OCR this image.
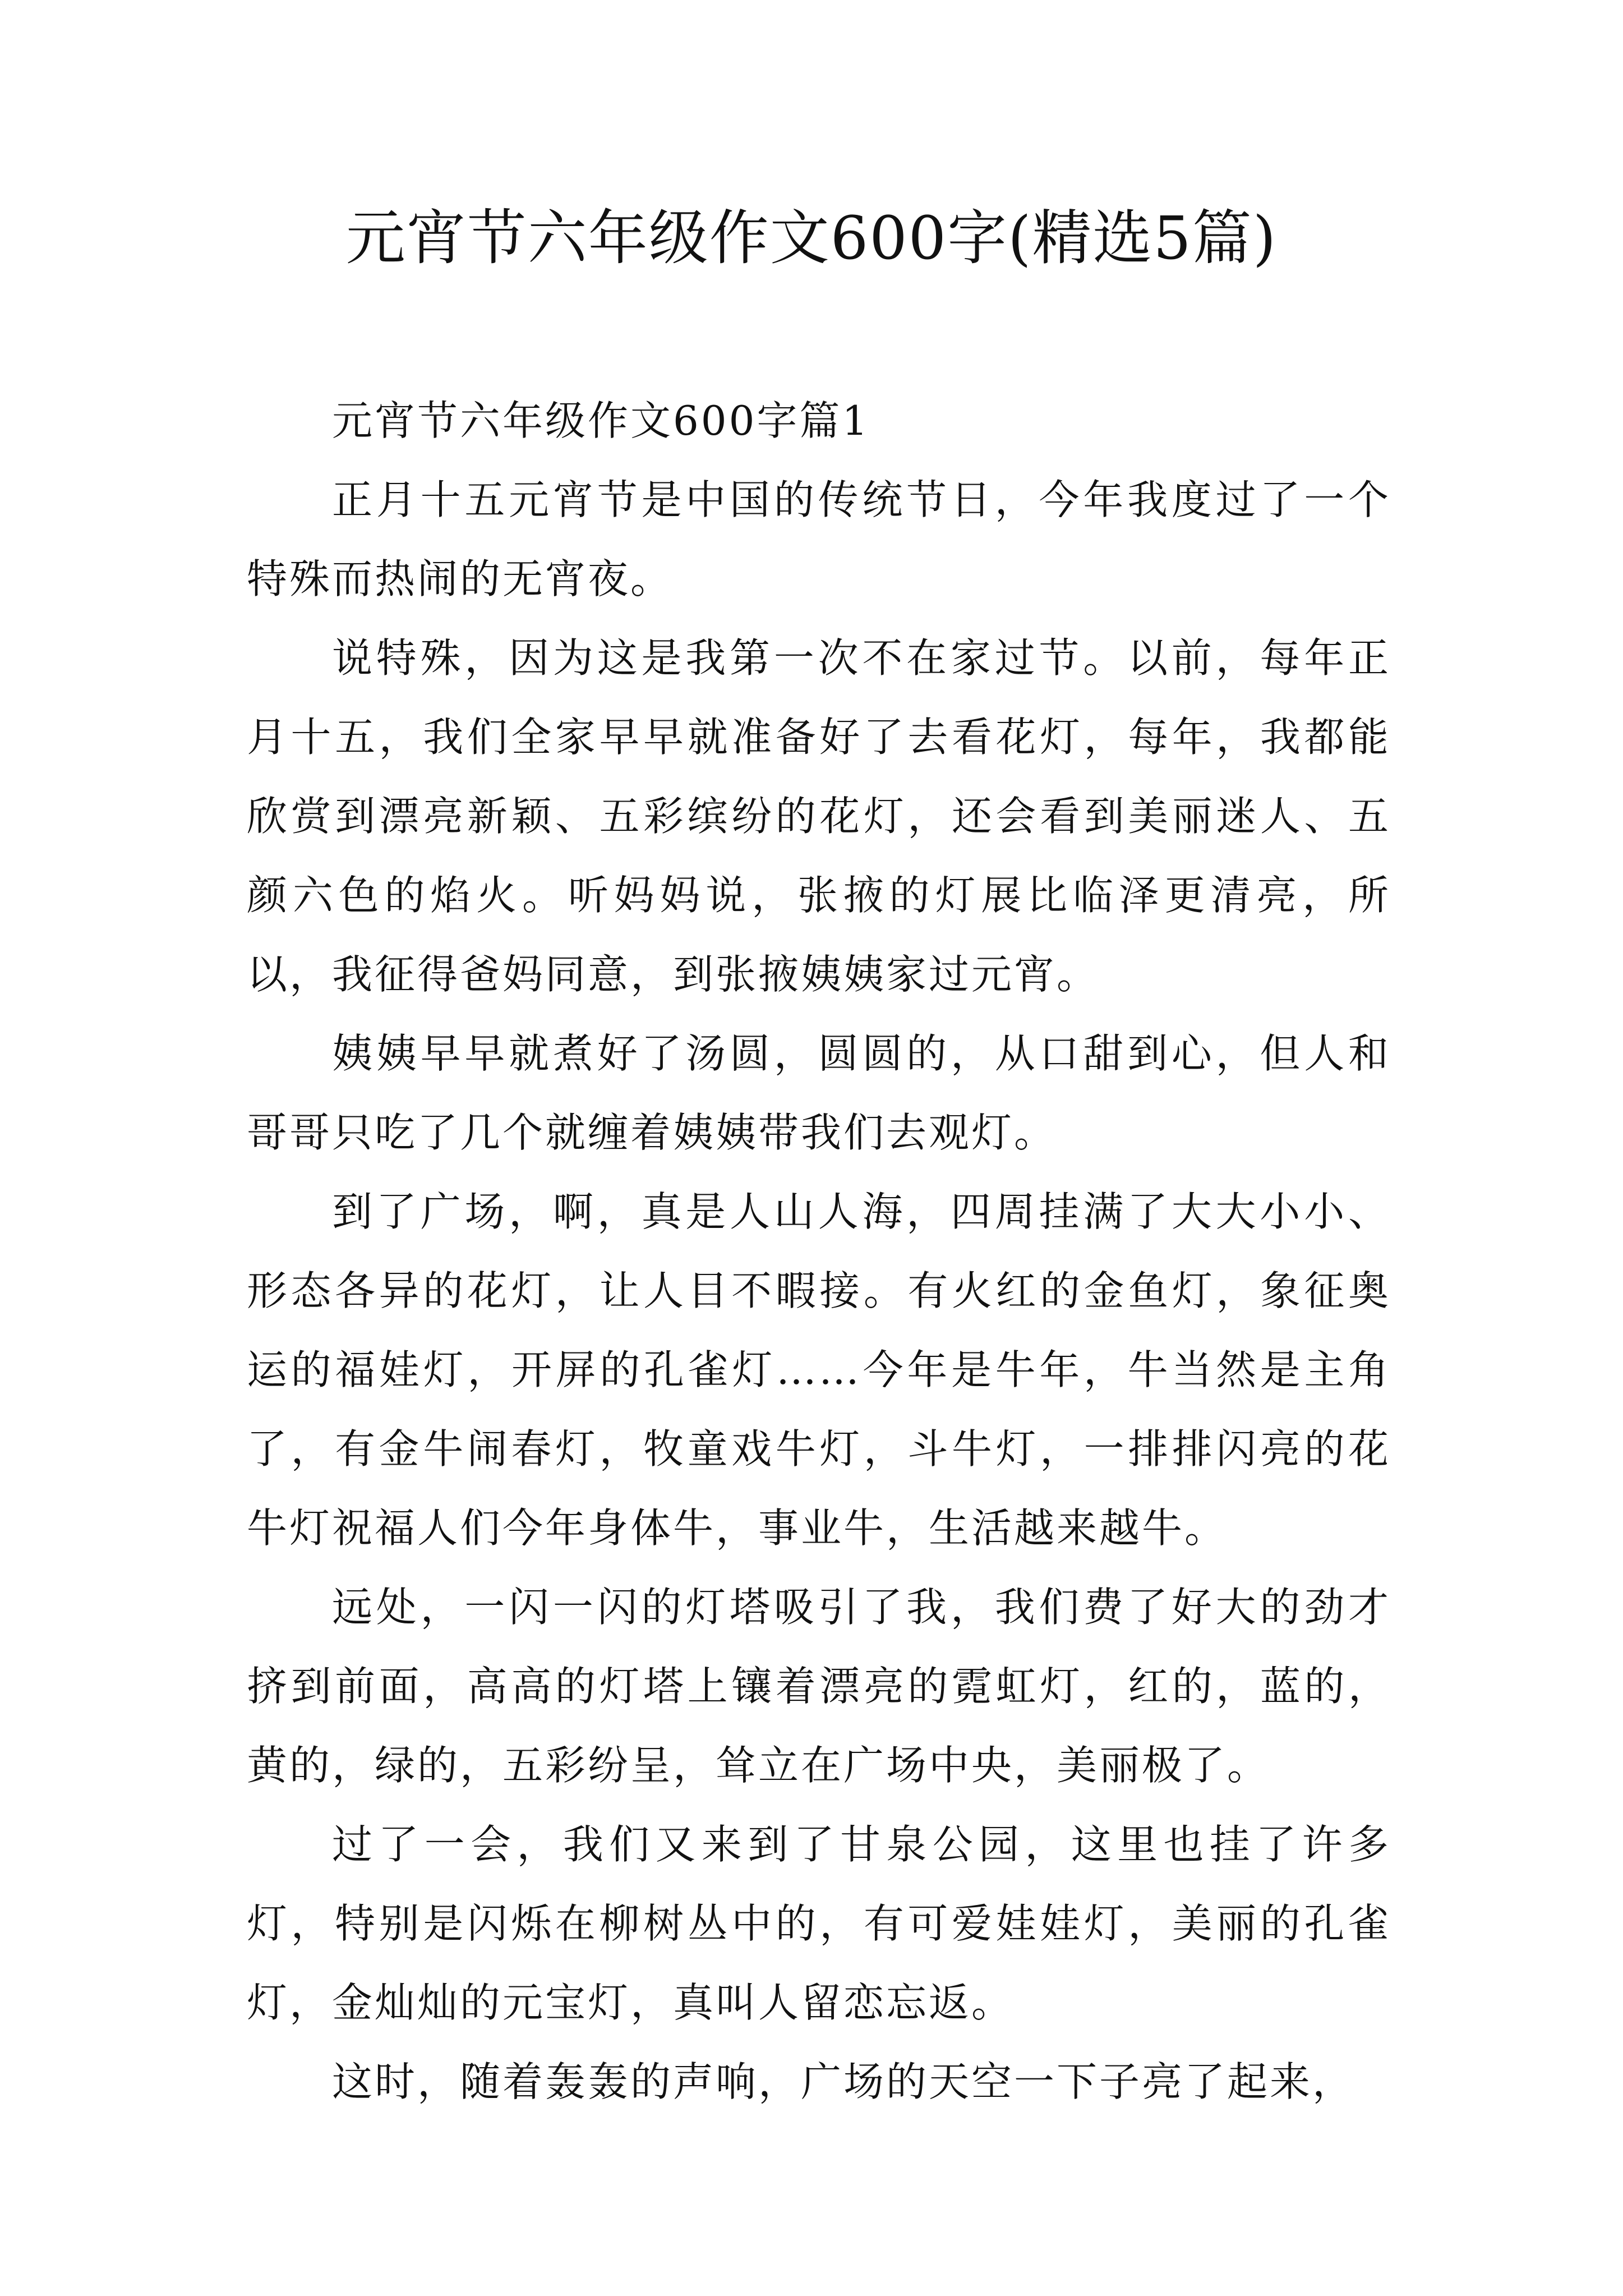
元宵节六年级作文600字(精选5篇)

元宵节六年级作文600字篇1

正月十五元宵节是中国的传统节日，今年我度过了一个特殊而热闹的无宵夜。

说特殊，因为这是我第一次不在家过节。以前，每年正月十五，我们全家早早就准备好了去看花灯，每年，我都能欣赏到漂亮新颖、五彩缤纷的花灯，还会看到美丽迷人、五颜六色的焰火。听妈妈说，张掖的灯展比临泽更清亮，所以，我征得爸妈同意，到张掖姨姨家过元宵。

姨姨早早就煮好了汤圆，圆圆的，从口甜到心，但人和哥哥只吃了几个就缠着姨姨带我们去观灯。

到了广场，啊，真是人山人海，四周挂满了大大小小、形态各异的花灯，让人目不暇接。有火红的金鱼灯，象征奥运的福娃灯，开屏的孔雀灯……今年是牛年，牛当然是主角了，有金牛闹春灯，牧童戏牛灯，斗牛灯，一排排闪亮的花牛灯祝福人们今年身体牛，事业牛，生活越来越牛。

远处，一闪一闪的灯塔吸引了我，我们费了好大的劲才挤到前面，高高的灯塔上镶着漂亮的霓虹灯，红的，蓝的，黄的，绿的，五彩纷呈，耸立在广场中央，美丽极了。

过了一会，我们又来到了甘泉公园，这里也挂了许多灯，特别是闪烁在柳树丛中的，有可爱娃娃灯，美丽的孔雀灯，金灿灿的元宝灯，真叫人留恋忘返。

这时，随着轰轰的声响，广场的天空一下子亮了起来，
